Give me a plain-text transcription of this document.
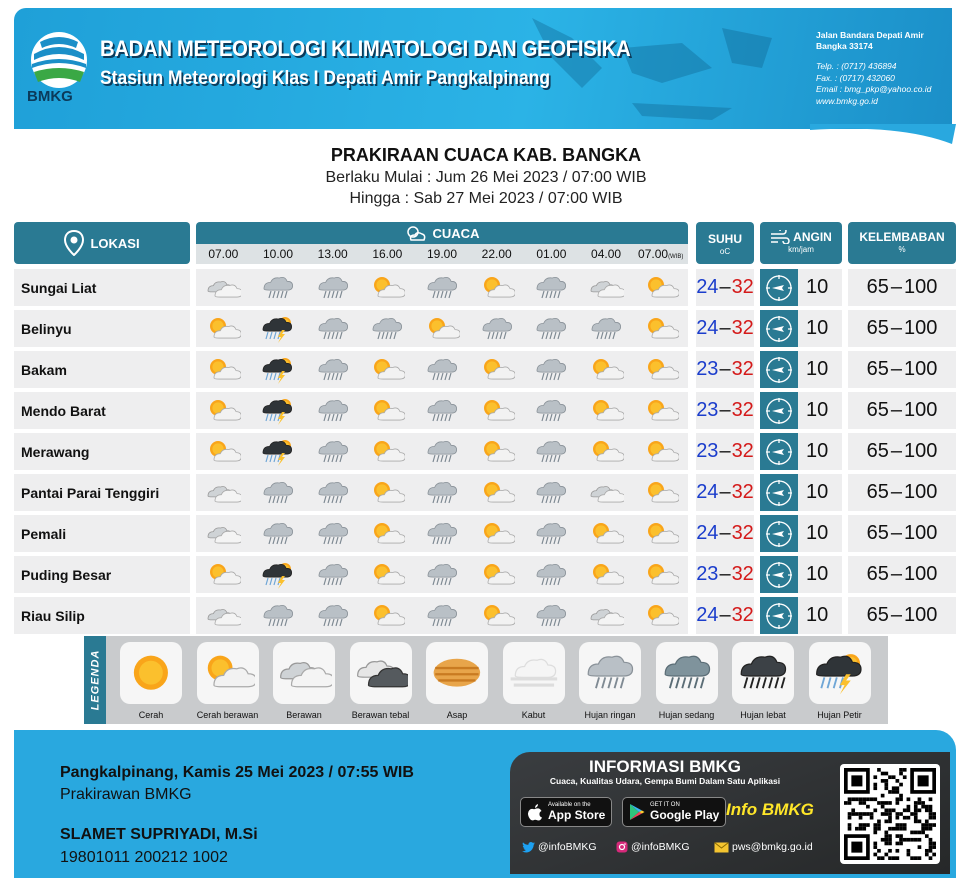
BMKG
BADAN METEOROLOGI KLIMATOLOGI DAN GEOFISIKA
Stasiun Meteorologi Klas I Depati Amir Pangkalpinang
Jalan Bandara Depati Amir
Bangka 33174
Telp. : (0717) 436894
Fax. : (0717) 432060
Email : bmg_pkp@yahoo.co.id
www.bmkg.go.id
PRAKIRAAN CUACA KAB. BANGKA
Berlaku Mulai : Jum 26 Mei 2023 / 07:00 WIB
Hingga : Sab 27 Mei 2023 / 07:00 WIB
LOKASI
CUACA
07.00	10.00	13.00	16.00	19.00	22.00	01.00	04.00	07.00(WIB)
SUHU
oC
ANGIN
km/jam
KELEMBABAN
%
Sungai Liat	24 – 32	10 65 – 100
Belinyu	24 – 32	10 65 – 100
Bakam	23 – 32	10 65 – 100
Mendo Barat	23 – 32	10 65 – 100
Merawang	23 – 32	10 65 – 100
Pantai Parai Tenggiri	24 – 32	10 65 – 100
Pemali	24 – 32	10 65 – 100
Puding Besar	23 – 32	10 65 – 100
Riau Silip	24 – 32	10 65 – 100
LEGENDA
Cerah	Cerah berawan	Berawan	Berawan tebal	Asap	Kabut	Hujan ringan	Hujan sedang	Hujan lebat	Hujan Petir
Pangkalpinang, Kamis 25 Mei 2023 / 07:55 WIB
Prakirawan BMKG
SLAMET SUPRIYADI, M.Si
19801011 200212 1002
INFORMASI BMKG
Cuaca, Kualitas Udara, Gempa Bumi Dalam Satu Aplikasi
Available on the
App Store
GET IT ON
Google Play Info BMKG
@infoBMKG	@infoBMKG	pws@bmkg.go.id
